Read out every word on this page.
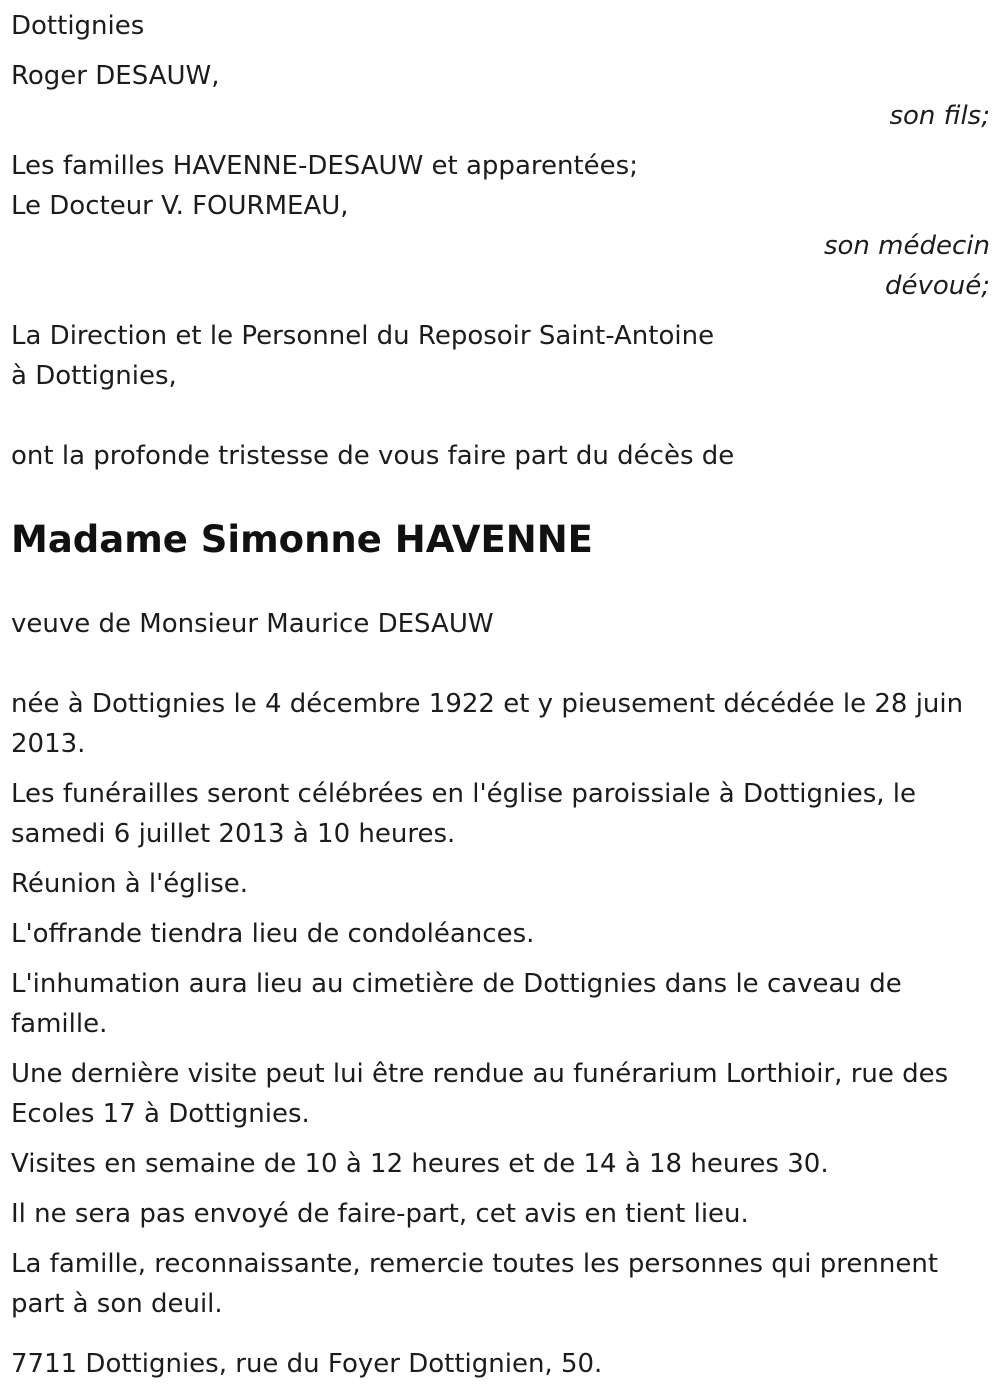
Dottignies

Roger DESAUW,

son fils;

Les familles HAVENNE-DESAUW et apparentées;

Le Docteur V. FOURMEAU,

son médecin

dévoué;

La Direction et le Personnel du Reposoir Saint-Antoine

à Dottignies,

ont la profonde tristesse de vous faire part du décès de

Madame Simonne HAVENNE

veuve de Monsieur Maurice DESAUW

née à Dottignies le 4 décembre 1922 et y pieusement décédée le 28 juin 2013.

Les funérailles seront célébrées en l'église paroissiale à Dottignies, le samedi 6 juillet 2013 à 10 heures.

Réunion à l'église.

L'offrande tiendra lieu de condoléances.

L'inhumation aura lieu au cimetière de Dottignies dans le caveau de famille.

Une dernière visite peut lui être rendue au funérarium Lorthioir, rue des Ecoles 17 à Dottignies.

Visites en semaine de 10 à 12 heures et de 14 à 18 heures 30.

Il ne sera pas envoyé de faire-part, cet avis en tient lieu.

La famille, reconnaissante, remercie toutes les personnes qui prennent part à son deuil.

7711 Dottignies, rue du Foyer Dottignien, 50.
